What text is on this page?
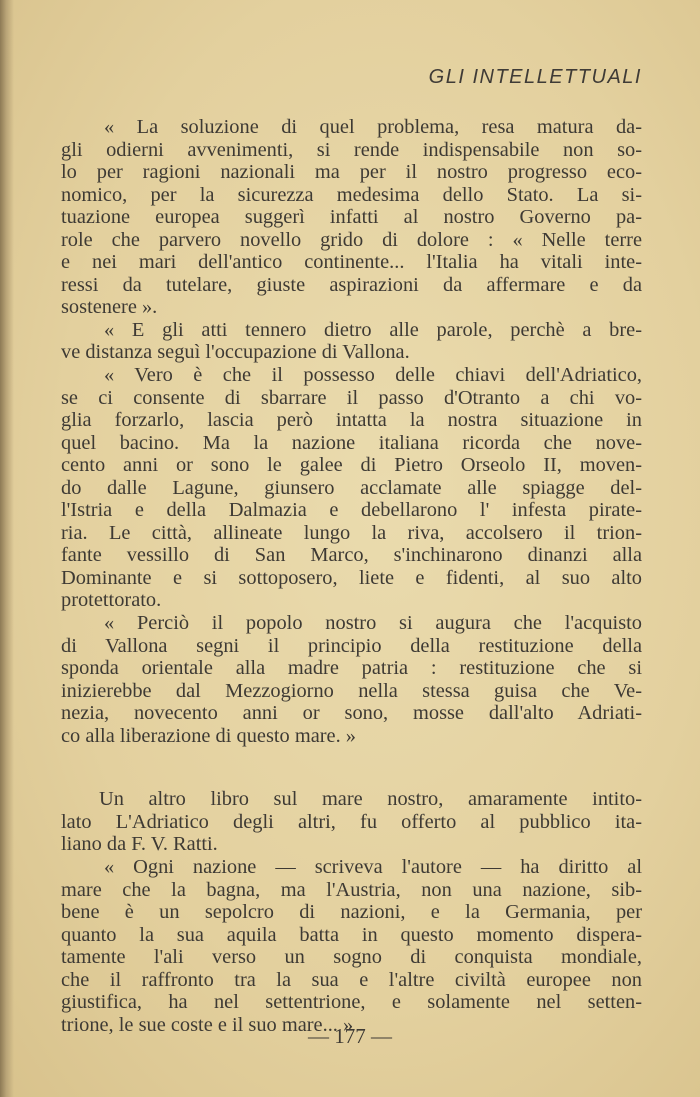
GLI INTELLETTUALI

« La soluzione di quel problema, resa matura da-

gli odierni avvenimenti, si rende indispensabile non so-

lo per ragioni nazionali ma per il nostro progresso eco-

nomico, per la sicurezza medesima dello Stato. La si-

tuazione europea suggerì infatti al nostro Governo pa-

role che parvero novello grido di dolore : « Nelle terre

e nei mari dell'antico continente... l'Italia ha vitali inte-

ressi da tutelare, giuste aspirazioni da affermare e da

sostenere ».

« E gli atti tennero dietro alle parole, perchè a bre-

ve distanza seguì l'occupazione di Vallona.

« Vero è che il possesso delle chiavi dell'Adriatico,

se ci consente di sbarrare il passo d'Otranto a chi vo-

glia forzarlo, lascia però intatta la nostra situazione in

quel bacino. Ma la nazione italiana ricorda che nove-

cento anni or sono le galee di Pietro Orseolo II, moven-

do dalle Lagune, giunsero acclamate alle spiagge del-

l'Istria e della Dalmazia e debellarono l' infesta pirate-

ria. Le città, allineate lungo la riva, accolsero il trion-

fante vessillo di San Marco, s'inchinarono dinanzi alla

Dominante e si sottoposero, liete e fidenti, al suo alto

protettorato.

« Perciò il popolo nostro si augura che l'acquisto

di Vallona segni il principio della restituzione della

sponda orientale alla madre patria : restituzione che si

inizierebbe dal Mezzogiorno nella stessa guisa che Ve-

nezia, novecento anni or sono, mosse dall'alto Adriati-

co alla liberazione di questo mare. »

Un altro libro sul mare nostro, amaramente intito-

lato L'Adriatico degli altri, fu offerto al pubblico ita-

liano da F. V. Ratti.

« Ogni nazione — scriveva l'autore — ha diritto al

mare che la bagna, ma l'Austria, non una nazione, sib-

bene è un sepolcro di nazioni, e la Germania, per

quanto la sua aquila batta in questo momento dispera-

tamente l'ali verso un sogno di conquista mondiale,

che il raffronto tra la sua e l'altre civiltà europee non

giustifica, ha nel settentrione, e solamente nel setten-

trione, le sue coste e il suo mare... »

— 177 —
